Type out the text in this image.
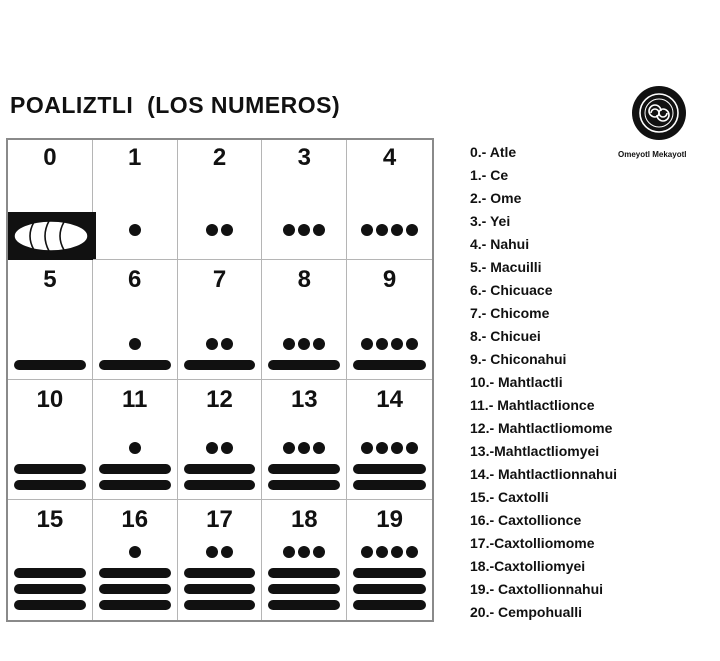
POALIZTLI  (LOS NUMEROS)
Omeyotl Mekayotl
0	1	2	3	4
5	6	7	8	9
10	11	12	13	14
15	16	17	18	19
0.- Atle
1.- Ce
2.- Ome
3.- Yei
4.- Nahui
5.- Macuilli
6.- Chicuace
7.- Chicome
8.- Chicuei
9.- Chiconahui
10.- Mahtlactli
11.- Mahtlactlionce
12.- Mahtlactliomome
13.-Mahtlactliomyei
14.- Mahtlactlionnahui
15.- Caxtolli
16.- Caxtollionce
17.-Caxtolliomome
18.-Caxtolliomyei
19.- Caxtollionnahui
20.- Cempohualli
